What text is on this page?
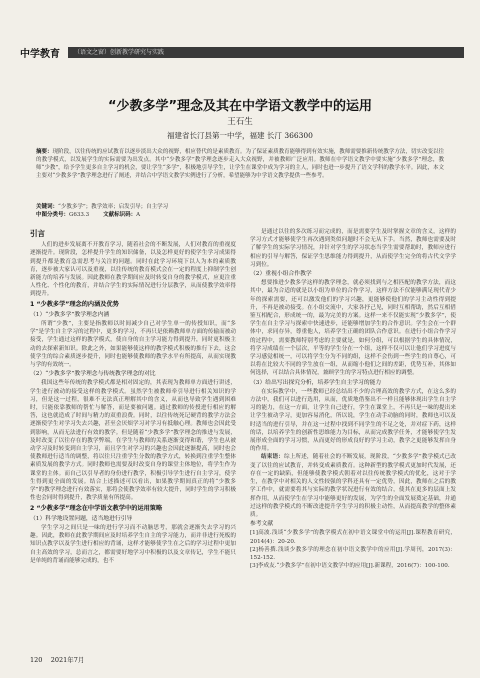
中学教育	（语文之窗）创新教学研究与实践
“少教多学”理念及其在中学语文教学中的运用
王石生
福建省长汀县第一中学，福建 长汀 366300
摘要：现阶段，以往传统的应试教育以逐步淡出大众的视野，相应替代的是素质教育。为了保证素质教育能够得到有效实施，教师需要推新传统教学方法，切实改变以往的教学模式，以发展学生的实际需要为出发点。其中“少教多学”教学理念逐步走入大众视野，并被教师广泛应用。教师在中学语文教学中要实施“少教多学”理念，教师“少教”，给予学生更多自主学习的机会，要让学生“多学”，积极地引导学生，让学生在课堂中成为学习的主人，同时也进一步提升了语文学科的教学水平。因此，本文主要对“少教多学”教学理念进行了阐述，并结合中学语文教学实例进行了分析，希望能够为中学语文教学提供一些参考。
关键词：“少教多学”；教学效率；启发引导；自主学习
中图分类号：G633.3	文献标识码：A
引言

人们的进步发展离不开教育学习，随着社会的不断发展，人们对教育的重视度逐渐提升。现阶段，怎样提升学生的知识储备，以及怎样更好的使学生学习成果得到提升都是教育急需思考与关注的问题。同时在此学习环境下以人为本的素质教育，逐步被大家认可以及重视，以往传统的教育模式会在一定的程度上抑制学生创新能力的培养与发展。因此教师在教学期间应及时转变自身的教学模式，应更注重人性化、个性化的教育，并结合学生的实际情况进行分层教学，从而使教学效率得到提升。

1 “少教多学”理念的内涵及优势
（1）“少教多学”教学理念内涵

所谓“少教”，主要是指教师以时间减少自己对学生单一的传授知识，而“多学”是学生自主学习的过程中，更多的学习，不再只是依赖教师单方面的传输而被动接受，学生通过这样的教学模式，使自身的自主学习能力得到提升，同时更积极主动的去探索新知识。除此之外，如果能够使这样的教学模式积极的推行下去，这会使学生的综合素质逐步提升，同时也能够使教师的教学水平有所提高，从而实现教与学的有效统一。

（2）“少教多学”教学理念与传统教学理念的对比

我国这些年传统的教学模式都是相对固定的，其表现为教师单方面进行讲述，学生进行被动的接受这样的教学模式。虽然学生被教师牵引导进行相关知识的学习，但是这一过程，很难不无法真正理解其中的含义，从而也导致学生遇到困难时，只能依靠教师的帮忙与解答，而是要被问题。通过教师的传授进行相应的解答，这也就造成了时间与精力的双重浪费。同时，以往传统死记硬背的教学方法会逐渐使学生对学习失去兴趣，甚至会厌烦学习对学习有抵触心理。教师也会因此受到影响，从而无法进行有效的教学。但是随着“少教多学”教学理念的推进与发展，及时改变了以往存在的教学弊端，在学生与教师的关系逐渐变得和谐，学生也从被动学习及时转变到自主学习，而且学生对学习的兴趣也会因此逐渐提高，同时也会使教师进行适当的调整，将以往只注重学生分数的教学方式，转换到注重学生整体素质发展的教学方式。同时教师也需要及时改变自身的课堂主体地位，将学生作为课堂的主体。而自己以引导者的身份进行教学，积极引导学生进行自主学习，使学生得到更全面的发展。结合上述描述可以看出，如果教学期间真正的将“少教多学”的教学理念进行有效落实，那将会使教学效率有较大提升，同时学生的学习积极性也会同时得到提升，教学质量有所提高。

2 “少教多学”理念在中学语文教学中的运用策略
（1）科学地设置问题，适当地进行引导

学生学习之间只是一味的进行学习而不动脑思考，那就会逐渐失去学习的兴趣。因此，教师在此教学期间应及时培养学生自主的学习能力，而并非进行死板的知识点教学以及学生进行相应的背诵，这样才能够使学生在之后的学习过程中更加自主高效的学习，总而言之，都需要好地学习中积极的以及文章传记，学生不能只是单纯的背诵而能够完成的，也不

是通过以往的多次练习而完成的，而是需要学生及时掌握文章的含义，这样的学习方式才能够使学生再次遇到类似问题时不会无从下手。当然，教师也需要及时了解学生的实际学习情况，并针对学生的学习状态当学生需要帮助时，教师应进行相应的引导与解答，保证学生思维能力得到提升，从而使学生完全的将古代文学学习到位。

（2）重视小组合作教学

想要推进少教多学这样的教学理念，就必须找到与之相匹配的教学方法，而这其中，最为合适的就是以小组为单位的合作学习，这样方法不仅能够满足现代青少年的探索需要，还可以激发他们的学习兴趣，更能够使他们的学习主动性得到提升，不再是被动接受。在小组交流中，大家各抒己见，同时互相帮助，然后互相借鉴互相配合，形成统一的，最为完美的方案。这样一来不仅能实现“少教多学”，使学生在自主学习与探索中快速进步，还能够增加学生的合作意识。学生会在一个群体中，求同存异，尊重他人，培养学生正确的团队合作意识。在进行小组合作学习的过程中，需要教师特别考虑的主要就是，如何分组，可以根据学生的具体情况，将学习成绩在一个层次，平等的学生分在一个组，这样不仅可以让他们学习进度与学习感觉相统一，可以将学生分为不同的组，这样不会伤到一些学生的自尊心，可以将在比较大不同的学生放在一组，从而缩小他们之间的差距，优势互补，其体如何选择，可以结合具体情况，兼顾学生的学习特点进行相应的调整。

（3）给出写出探究分析，培养学生自主学习的能力

在实际教学中，一些教师已经总结出不少的合理高效的教学方式，在这么多的方法中，我们可以进行选用，从而，优质地借鉴出不一样且能够体现出学生自主学习的能力，在这一方面，让学生自己进行，学生在课堂上，不再只是一味的提出来让学生被动学习，更加容易消化，所以说，学生在动手动脑的同时，教师也可以及时适当的进行引导，并在这一过程中找到不同学生的不足之处，并对症下药，这样的话，以培养学生的创新性思维能力为目标，从而完成教学任务，才能够使学生发展形成全面的学习习惯，从而更好的形成良好的学习主动，教学之更能够发挥自身的作用。

结束语：综上所述，随着社会的不断发展，现阶段，“少教多学”教学模式已改变了以往的应试教育，并转变成素质教育。这种新型的教学模式更加时代发展，还存在一定的缺陷，但能够使教学模式朝着对以往传统教学模式的优化，这对于学生，在教学中对相关的人文性较强的学科还具有一定优势，因此，教师在之后的教学工作中，就需要将其与实际的教学状况进行有效的结合，使其在更多的层面上发挥作用，从而使学生在学习中能够更好的发展，为学生的全面发展奠定基础，并通过这样的教学模式的不断改进提升学生学习的积极主动性，从而提高教学的整体素质。

参考文献
[1]高波.浅谈“少教多学”的教学模式在初中语文课堂中的运用[J].课程教育研究，2014(4)：20-20.
[2]杨善撰.浅谈少教多学的理念在初中语文教学中的应用[J].学周刊，2017(3)：152-152.
[3]李成友.“少教多学”在初中语文教学中的应用[J].新课程，2016(7)：100-100.
120 2021年7月
